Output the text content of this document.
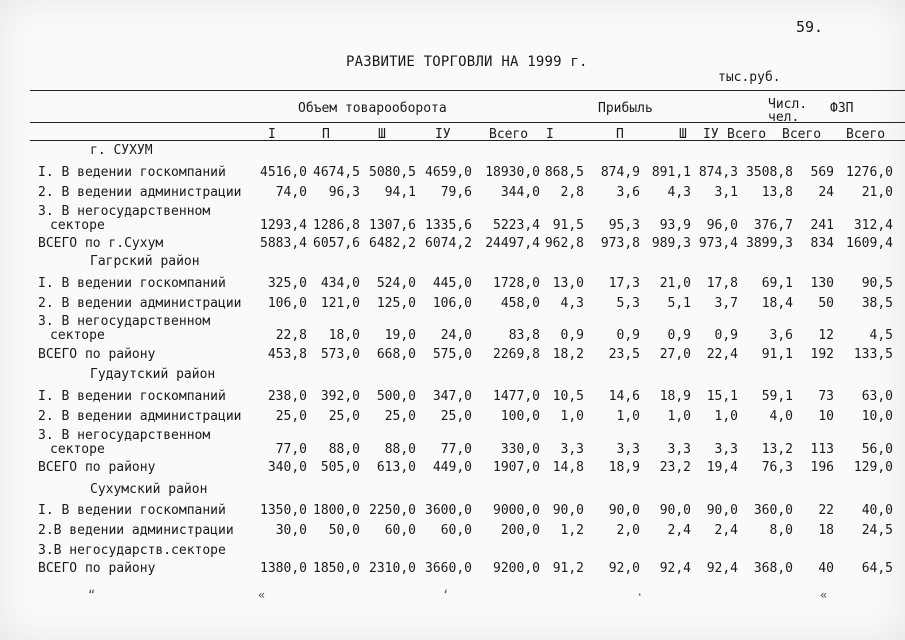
59.
РАЗВИТИЕ ТОРГОВЛИ НА 1999 г.
тыс.руб.
Объем товарооборота	Прибыль	Числ.
чел.
ФЗП
I	П	Ш	IУ	Всего I	П	Ш IУ Всего Всего Всего
г. СУХУМ
I. В ведении госкомпаний	4516,0 4674,5 5080,5 4659,0 18930,0 868,5 874,9 891,1 874,3 3508,8 569 1276,0
2. В ведении администрации	74,0 96,3 94,1 79,6 344,0 2,8	3,6 4,3 3,1 13,8 24 21,0
3. В негосударственном
секторе	1293,4 1286,8 1307,6 1335,6 5223,4 91,5 95,3 93,9 96,0 376,7 241 312,4
ВСЕГО по г.Сухум	5883,4 6057,6 6482,2 6074,2 24497,4 962,8 973,8 989,3 973,4 3899,3 834 1609,4
Гагрский район
I. В ведении госкомпаний	325,0 434,0 524,0 445,0 1728,0 13,0 17,3 21,0 17,8 69,1 130 90,5
2. В ведении администрации 106,0 121,0 125,0 106,0 458,0 4,3	5,3 5,1 3,7 18,4 50 38,5
3. В негосударственном
секторе	22,8 18,0 19,0 24,0	83,8 0,9	0,9 0,9 0,9 3,6 12	4,5
ВСЕГО по району	453,8 573,0 668,0 575,0 2269,8 18,2 23,5 27,0 22,4 91,1 192 133,5
Гудаутский район
I. В ведении госкомпаний	238,0 392,0 500,0 347,0 1477,0 10,5 14,6 18,9 15,1 59,1 73 63,0
2. В ведении администрации	25,0 25,0 25,0 25,0 100,0 1,0	1,0 1,0 1,0 4,0 10 10,0
3. В негосударственном
секторе	77,0 88,0 88,0 77,0 330,0 3,3	3,3 3,3 3,3 13,2 113 56,0
ВСЕГО по району	340,0 505,0 613,0 449,0 1907,0 14,8 18,9 23,2 19,4 76,3 196 129,0
Сухумский район
I. В ведении госкомпаний	1350,0 1800,0 2250,0 3600,0 9000,0 90,0 90,0 90,0 90,0 360,0 22 40,0
2.В ведении администрации	30,0 50,0 60,0 60,0 200,0 1,2	2,0 2,4 2,4 8,0 18 24,5
3.В негосударств.секторе
ВСЕГО по району	1380,0 1850,0 2310,0 3660,0 9200,0 91,2 92,0 92,4 92,4 368,0 40 64,5
“	«	‘	·	«
